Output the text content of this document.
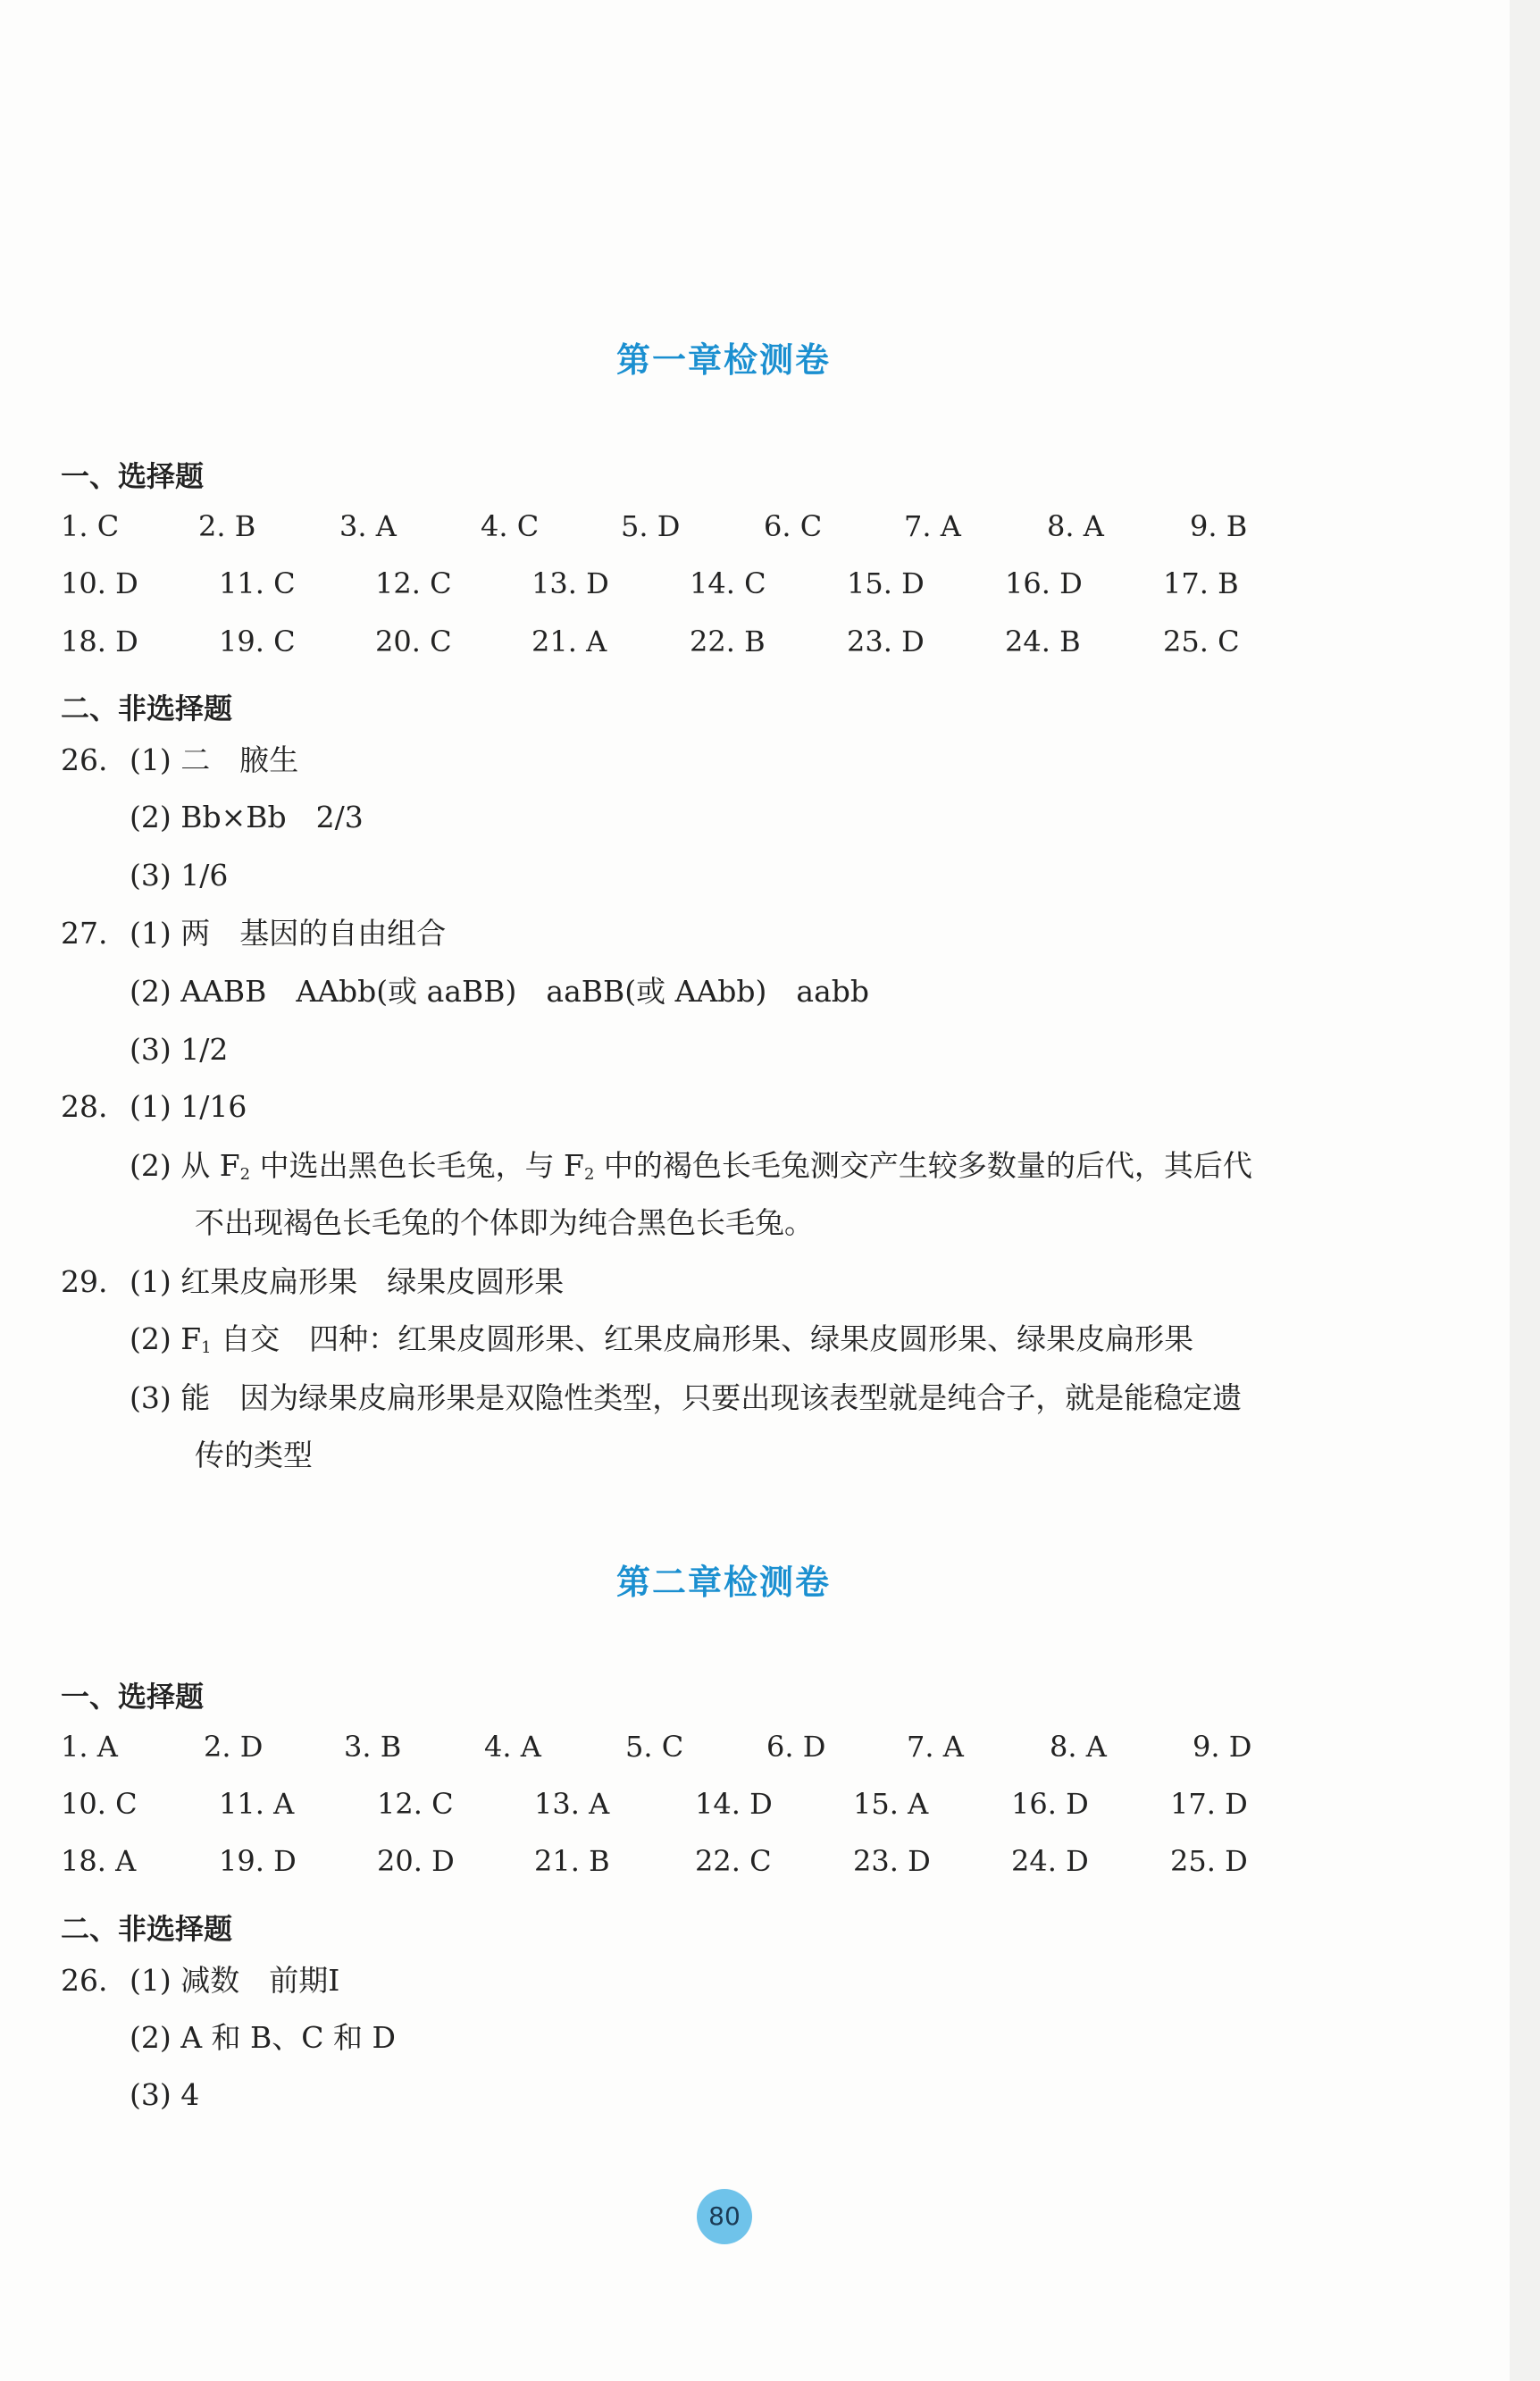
第一章检测卷
一、选择题
1. C	2. B	3. A	4. C	5. D	6. C	7. A	8. A	9. B
10. D	11. C	12. C	13. D	14. C	15. D	16. D	17. B
18. D	19. C	20. C	21. A	22. B	23. D	24. B	25. C
二、非选择题
26. (1) 二　腋生
(2) Bb×Bb　2/3
(3) 1/6
27. (1) 两　基因的自由组合
(2) AABB　AAbb(或 aaBB)　aaBB(或 AAbb)　aabb
(3) 1/2
28. (1) 1/16
(2) 从 $F_2$ 中选出黑色长毛兔，与 $F_2$ 中的褐色长毛兔测交产生较多数量的后代，其后代
不出现褐色长毛兔的个体即为纯合黑色长毛兔。
29. (1) 红果皮扁形果　绿果皮圆形果
(2) $F_1$ 自交　四种：红果皮圆形果、红果皮扁形果、绿果皮圆形果、绿果皮扁形果
(3) 能　因为绿果皮扁形果是双隐性类型，只要出现该表型就是纯合子，就是能稳定遗
传的类型
第二章检测卷
一、选择题
1. A	2. D	3. B	4. A	5. C	6. D	7. A	8. A	9. D
10. C	11. A	12. C	13. A	14. D	15. A	16. D	17. D
18. A	19. D	20. D	21. B	22. C	23. D	24. D	25. D
二、非选择题
26. (1) 减数　前期Ⅰ
(2) A 和 B、C 和 D
(3) 4
80
